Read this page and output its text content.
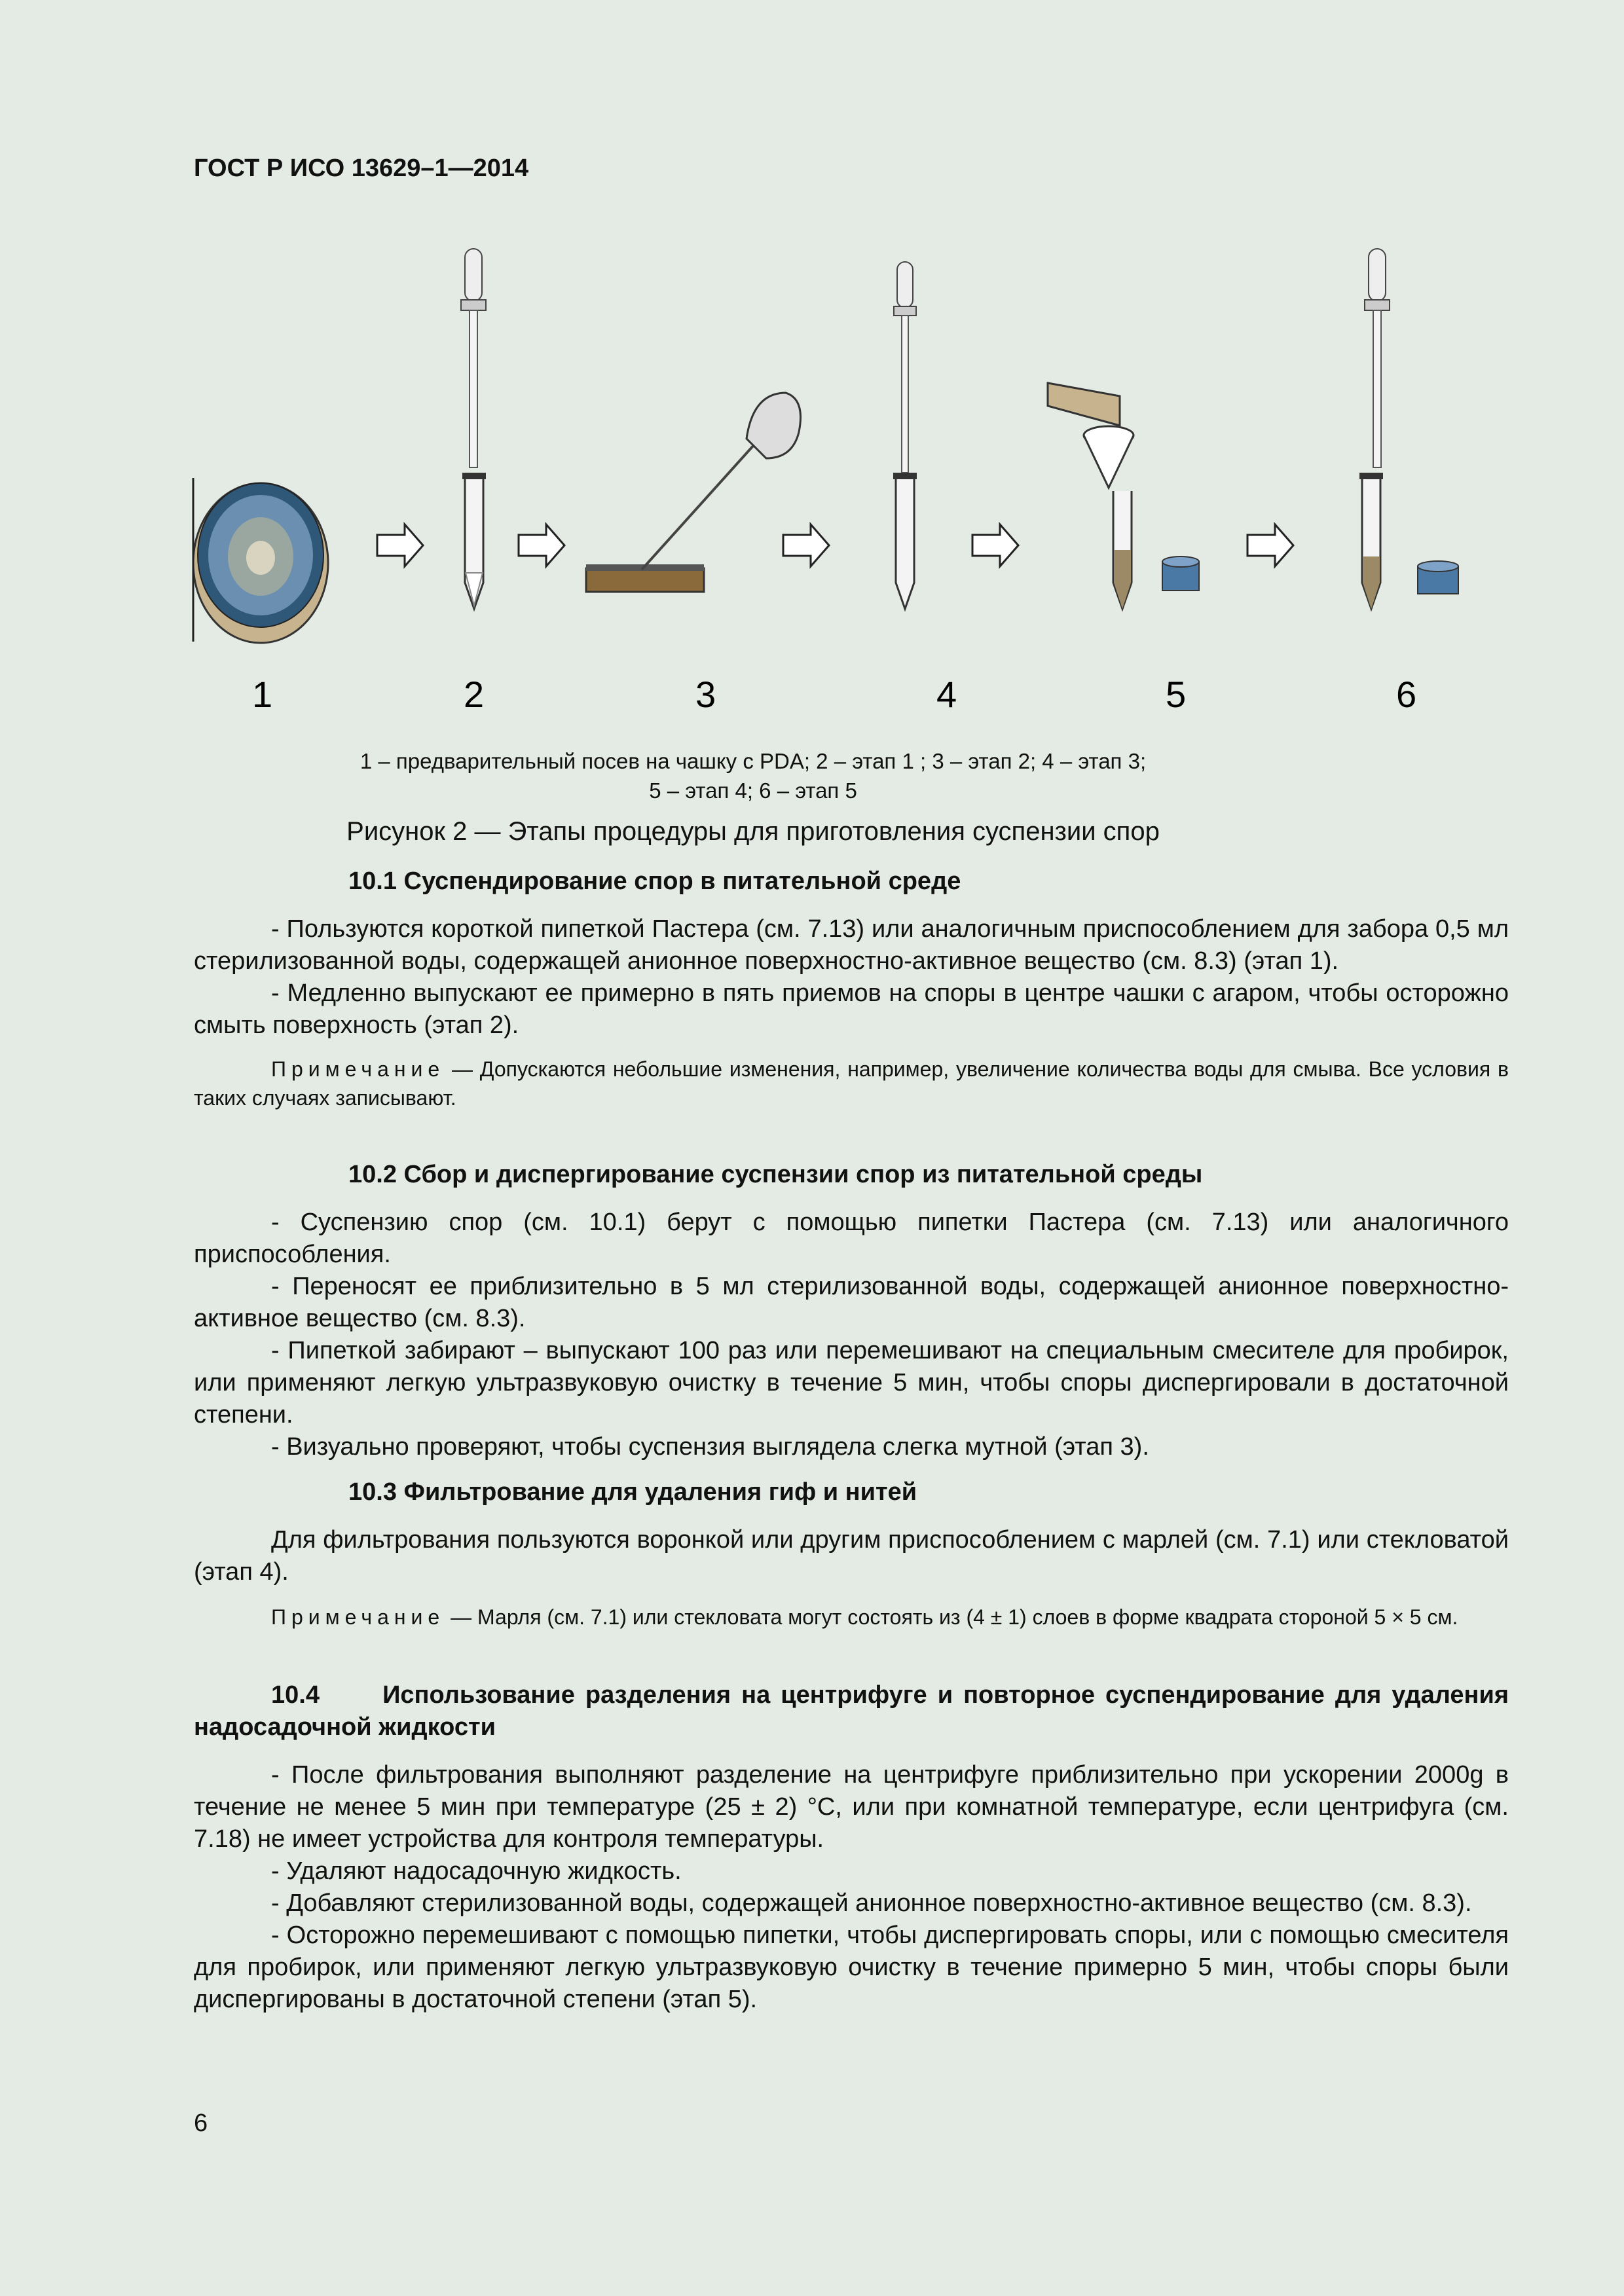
ГОСТ Р ИСО 13629–1—2014
1	2	3	4	5	6
1 – предварительный посев на чашку с PDA; 2 – этап 1 ; 3 – этап 2; 4 – этап 3;
5 – этап 4; 6 – этап 5
Рисунок 2 — Этапы процедуры для приготовления суспензии спор

10.1 Суспендирование спор в питательной среде

- Пользуются короткой пипеткой Пастера (см. 7.13) или аналогичным приспособлением для забора 0,5 мл стерилизованной воды, содержащей анионное поверхностно-активное вещество (см. 8.3) (этап 1).

- Медленно выпускают ее примерно в пять приемов на споры в центре чашки с агаром, чтобы осторожно смыть поверхность (этап 2).

Примечание — Допускаются небольшие изменения, например, увеличение количества воды для смыва. Все условия в таких случаях записывают.

10.2 Сбор и диспергирование суспензии спор из питательной среды

- Суспензию спор (см. 10.1) берут с помощью пипетки Пастера (см. 7.13) или аналогичного приспособления.

- Переносят ее приблизительно в 5 мл стерилизованной воды, содержащей анионное поверхностно-активное вещество (см. 8.3).

- Пипеткой забирают – выпускают 100 раз или перемешивают на специальным смесителе для пробирок, или применяют легкую ультразвуковую очистку в течение 5 мин, чтобы споры диспергировали в достаточной степени.

- Визуально проверяют, чтобы суспензия выглядела слегка мутной (этап 3).

10.3 Фильтрование для удаления гиф и нитей

Для фильтрования пользуются воронкой или другим приспособлением с марлей (см. 7.1) или стекловатой (этап 4).

Примечание — Марля (см. 7.1) или стекловата могут состоять из (4 ± 1) слоев в форме квадрата стороной 5 × 5 см.

10.4      Использование разделения на центрифуге и повторное суспендирование для удаления надосадочной жидкости

- После фильтрования выполняют разделение на центрифуге приблизительно при ускорении 2000g в течение не менее 5 мин при температуре (25 ± 2) °С, или при комнатной температуре, если центрифуга (см. 7.18) не имеет устройства для контроля температуры.

- Удаляют надосадочную жидкость.

- Добавляют стерилизованной воды, содержащей анионное поверхностно-активное вещество (см. 8.3).

- Осторожно перемешивают с помощью пипетки, чтобы диспергировать споры, или с помощью смесителя для пробирок, или применяют легкую ультразвуковую очистку в течение примерно 5 мин, чтобы споры были диспергированы в достаточной степени (этап 5).

6
